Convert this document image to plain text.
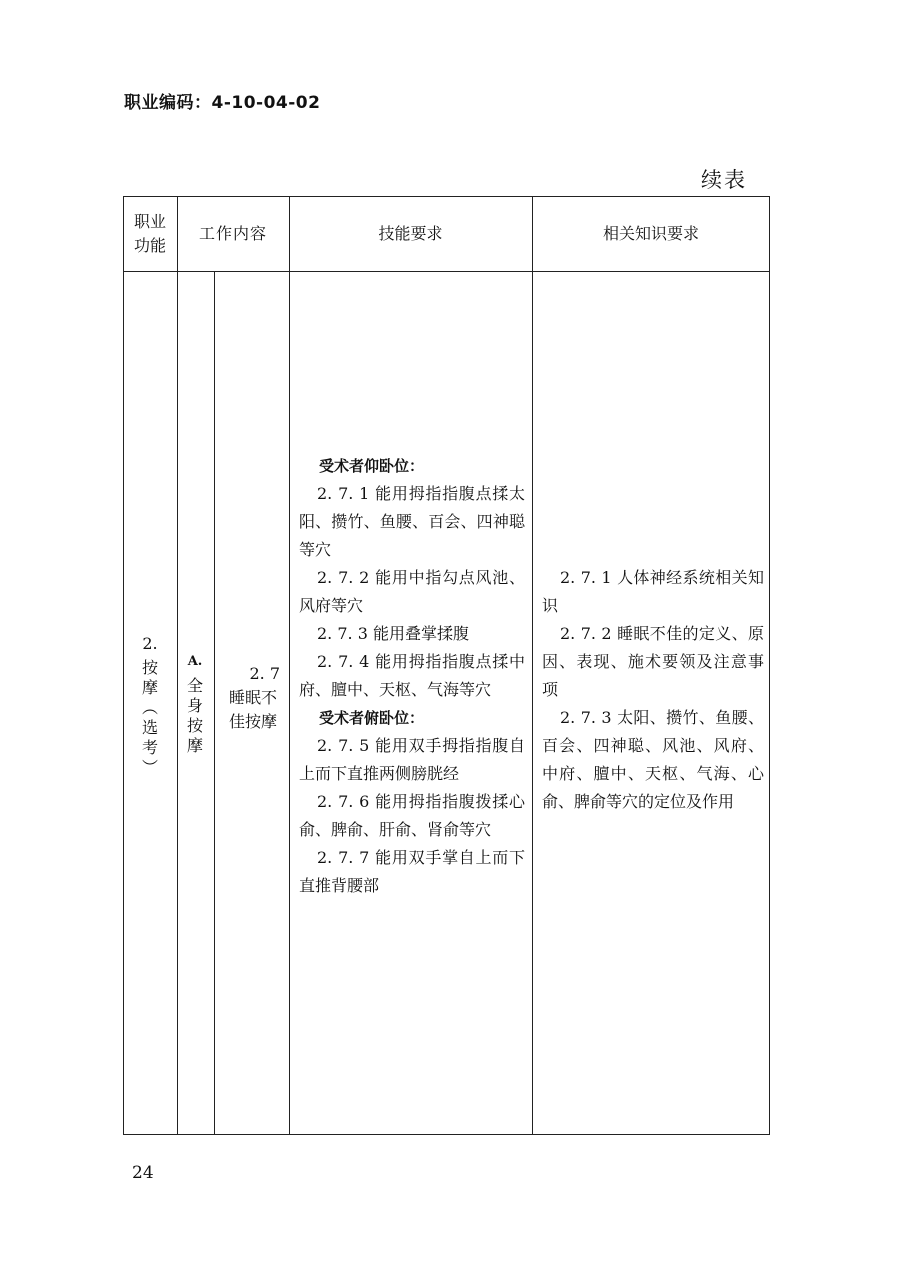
职业编码：4-10-04-02
续表
职业功能
工作内容	技能要求	相关知识要求
2.
按
摩
︵
选
考
︶
A.
全
身
按
摩
2. 7
睡眠不佳按摩
受术者仰卧位：
2. 7. 1 能用拇指指腹点揉太阳、攒竹、鱼腰、百会、四神聪等穴
2. 7. 2 能用中指勾点风池、风府等穴
2. 7. 3 能用叠掌揉腹
2. 7. 4 能用拇指指腹点揉中府、膻中、天枢、气海等穴
受术者俯卧位：
2. 7. 5 能用双手拇指指腹自上而下直推两侧膀胱经
2. 7. 6 能用拇指指腹拨揉心俞、脾俞、肝俞、肾俞等穴
2. 7. 7 能用双手掌自上而下直推背腰部
2. 7. 1 人体神经系统相关知识
2. 7. 2 睡眠不佳的定义、原因、表现、施术要领及注意事项
2. 7. 3 太阳、攒竹、鱼腰、百会、四神聪、风池、风府、中府、膻中、天枢、气海、心俞、脾俞等穴的定位及作用
24
